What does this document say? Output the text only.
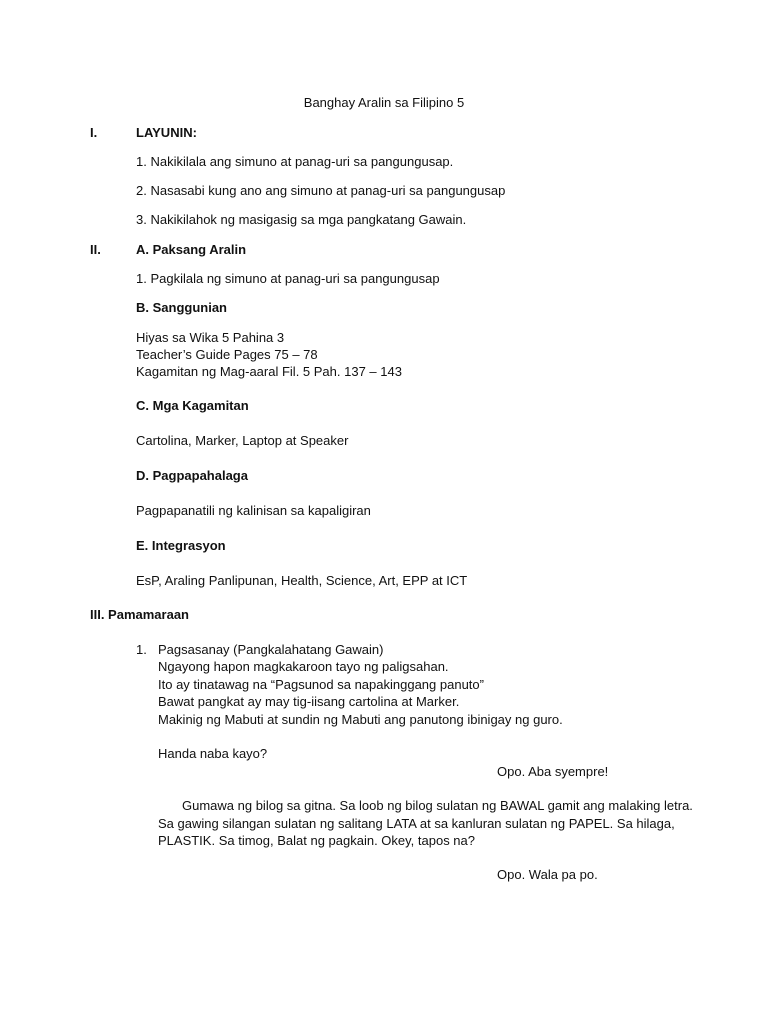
Banghay Aralin sa Filipino 5
I.	LAYUNIN:
1. Nakikilala ang simuno at panag-uri sa pangungusap.
2. Nasasabi kung ano ang simuno at panag-uri sa pangungusap
3. Nakikilahok ng masigasig sa mga pangkatang Gawain.
II.	A. Paksang Aralin
1. Pagkilala ng simuno at panag-uri sa pangungusap
B. Sanggunian
Hiyas sa Wika 5 Pahina 3
Teacher’s Guide Pages 75 – 78
Kagamitan ng Mag-aaral Fil. 5 Pah. 137 – 143
C. Mga Kagamitan
Cartolina, Marker, Laptop at Speaker
D. Pagpapahalaga
Pagpapanatili ng kalinisan sa kapaligiran
E. Integrasyon
EsP, Araling Panlipunan, Health, Science, Art, EPP at ICT
III. Pamamaraan
1. Pagsasanay (Pangkalahatang Gawain)
Ngayong hapon magkakaroon tayo ng paligsahan.
Ito ay tinatawag na “Pagsunod sa napakinggang panuto”
Bawat pangkat ay may tig-iisang cartolina at Marker.
Makinig ng Mabuti at sundin ng Mabuti ang panutong ibinigay ng guro.
Handa naba kayo?
Opo. Aba syempre!
Gumawa ng bilog sa gitna. Sa loob ng bilog sulatan ng BAWAL gamit ang malaking letra.
Sa gawing silangan sulatan ng salitang LATA at sa kanluran sulatan ng PAPEL. Sa hilaga,
PLASTIK. Sa timog, Balat ng pagkain. Okey, tapos na?
Opo. Wala pa po.
